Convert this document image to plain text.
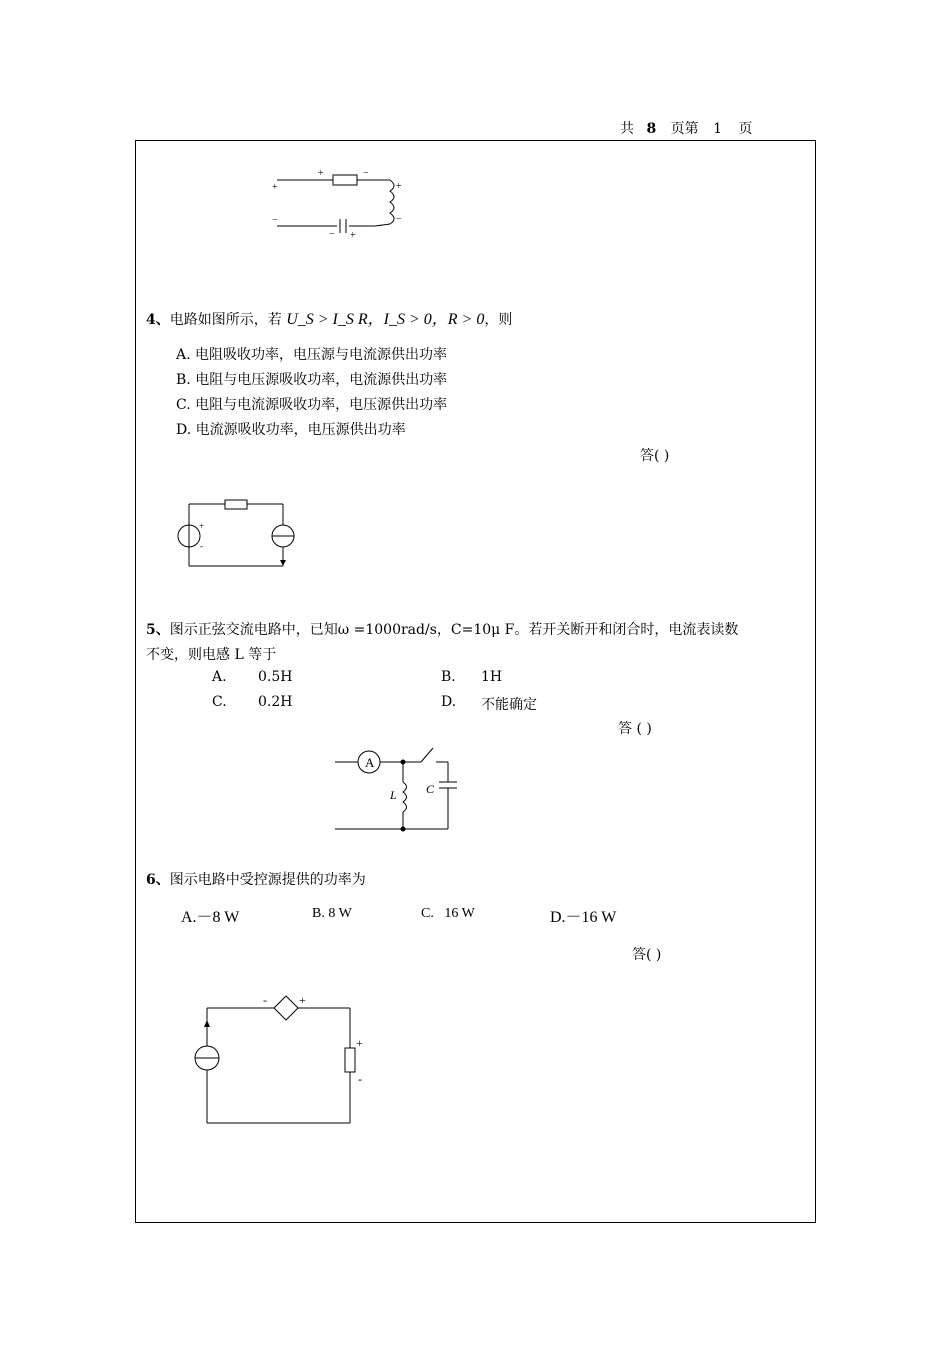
共 8 页第 1 页
+	−
+
−
+
−
− +
4、电路如图所示，若 U_S > I_S R，I_S > 0，R > 0，则
A. 电阻吸收功率，电压源与电流源供出功率
B. 电阻与电压源吸收功率，电流源供出功率
C. 电阻与电流源吸收功率，电压源供出功率
D. 电流源吸收功率，电压源供出功率
答( )
+
-
5、图示正弦交流电路中，已知ω =1000rad/s，C=10μ F。若开关断开和闭合时，电流表读数
不变，则电感 L 等于
A. 0.5H	B. 1H
C. 0.2H	D. 不能确定
答 ( )
A
L C
6、图示电路中受控源提供的功率为
A.－8 W	B. 8 W	C.   16 W	D.－16 W
答( )
-	+
+
-
